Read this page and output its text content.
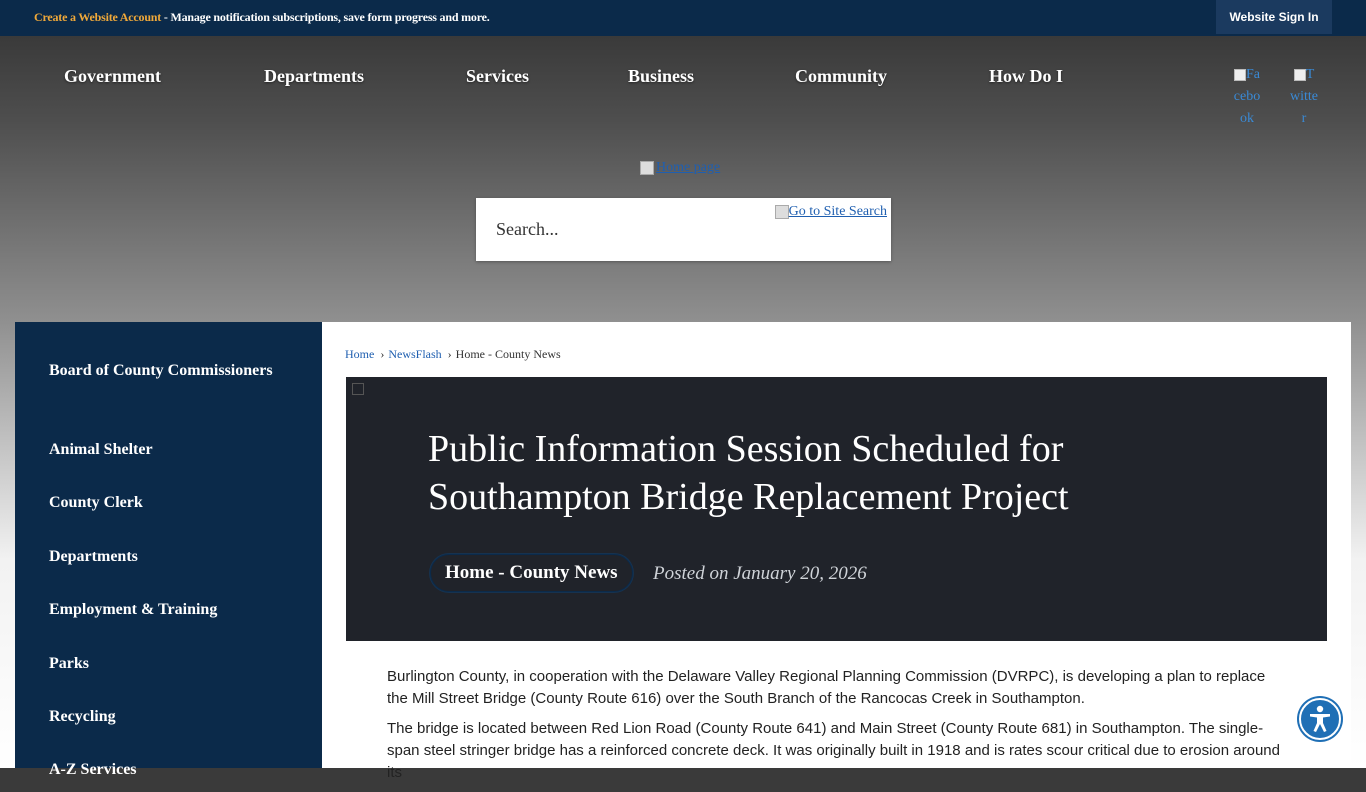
Create a Website Account - Manage notification subscriptions, save form progress and more.	Website Sign In
Government	Departments	Services	Business	Community	How Do I	Facebook
Twitter
Home page
Search...
Go to Site Search
Board of County Commissioners
Animal Shelter
County Clerk
Departments
Employment & Training
Parks
Recycling
A-Z Services
Home › NewsFlash › Home - County News
Public Information Session Scheduled for Southampton Bridge Replacement Project
Home - County News	Posted on January 20, 2026

Burlington County, in cooperation with the Delaware Valley Regional Planning Commission (DVRPC), is developing a plan to replace the Mill Street Bridge (County Route 616) over the South Branch of the Rancocas Creek in Southampton.

The bridge is located between Red Lion Road (County Route 641) and Main Street (County Route 681) in Southampton. The single-span steel stringer bridge has a reinforced concrete deck. It was originally built in 1918 and is rates scour critical due to erosion around its
